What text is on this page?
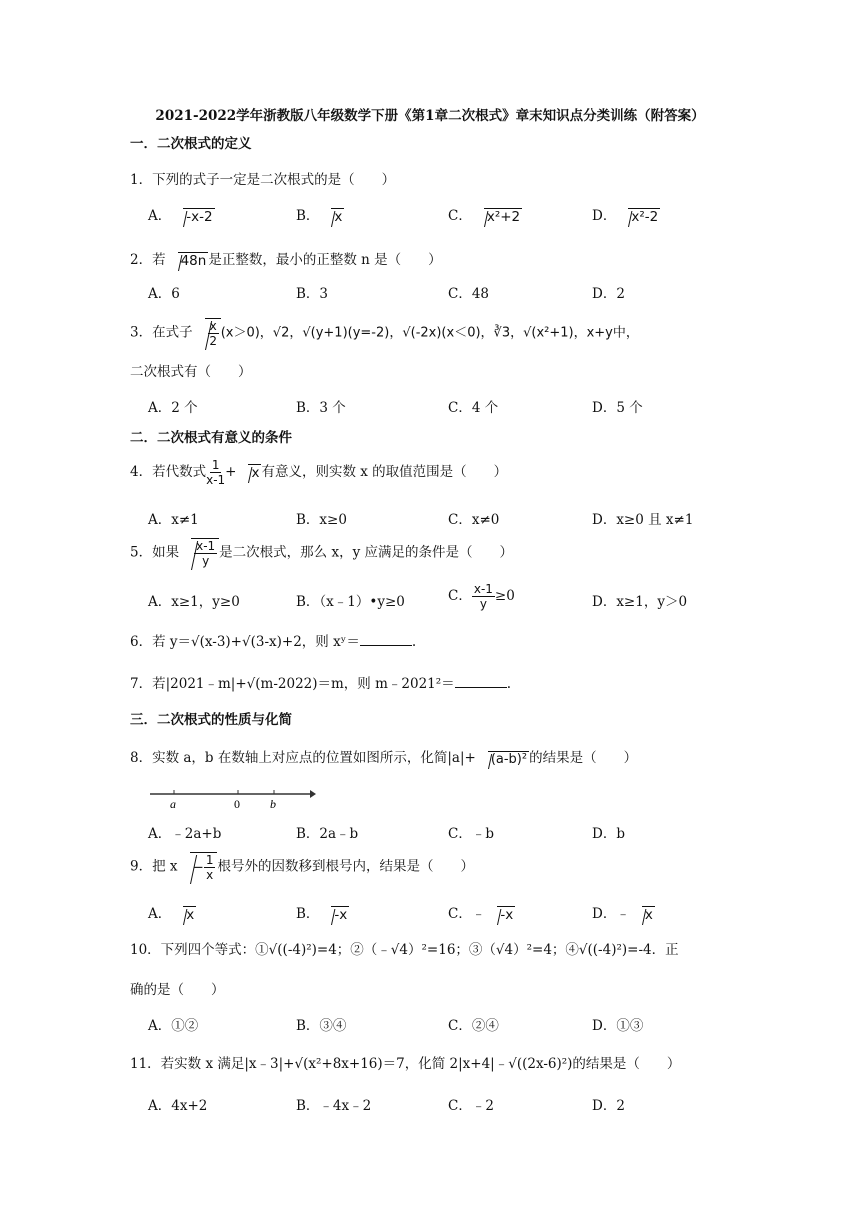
2021-2022学年浙教版八年级数学下册《第1章二次根式》章末知识点分类训练（附答案）
一．二次根式的定义
1．下列的式子一定是二次根式的是（　　）
A． -x-2	B． x	C． x²+2	D． x²-2
2．若 48n 是正整数，最小的正整数 n 是（　　）
A．6	B．3	C．48	D．2
3．在式子 $\frac{x}{2} (x>0)$，√2，√(y+1)(y=-2)，√(-2x)(x＜0)，∛3，√(x²+1)，x+y中，
二次根式有（　　）
A．2 个	B．3 个	C．4 个	D．5 个
二．二次根式有意义的条件
4．若代数式 $\frac{1}{x-1} + x$ 有意义，则实数 x 的取值范围是（　　）
A．x≠1	B．x≥0	C．x≠0	D．x≥0 且 x≠1
5．如果 $\frac{x-1}{y}$ 是二次根式，那么 x，y 应满足的条件是（　　）
A．x≥1，y≥0	B．（x﹣1）•y≥0	C． $\frac{x-1}{y} \ge 0$	D．x≥1，y＞0
6．若 y＝√(x-3)+√(3-x)+2，则 xʸ＝	.
7．若|2021﹣m|+√(m-2022)＝m，则 m﹣2021²＝	.
三．二次根式的性质与化简
8．实数 a，b 在数轴上对应点的位置如图所示，化简|a|+ (a-b)² 的结果是（　　）
a	0	b
A．﹣2a+b	B．2a﹣b	C．﹣b	D．b
9．把 $x - \frac{1}{x}$ 根号外的因数移到根号内，结果是（　　）
A． x	B． -x	C．﹣ -x	D．﹣ x
10．下列四个等式：①√((-4)²)=4；②（﹣√4）²=16；③（√4）²=4；④√((-4)²)=-4．正
确的是（　　）
A．①②	B．③④	C．②④	D．①③
11．若实数 x 满足|x﹣3|+√(x²+8x+16)＝7，化简 2|x+4|﹣√((2x-6)²)的结果是（　　）
A．4x+2	B．﹣4x﹣2	C．﹣2	D．2
